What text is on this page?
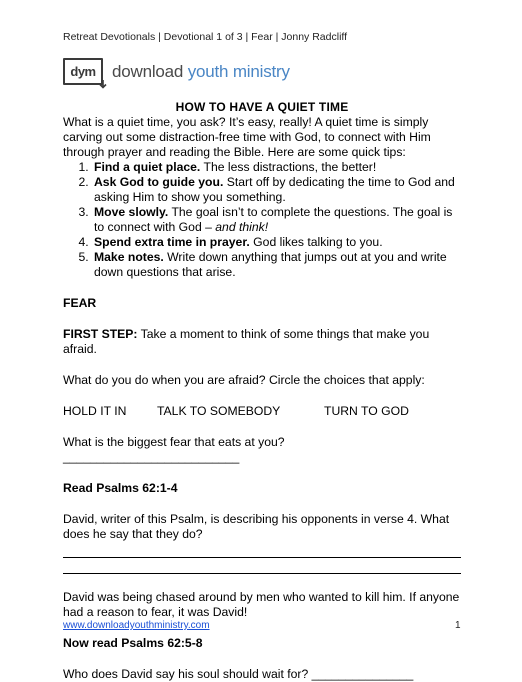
Retreat Devotionals | Devotional 1 of 3 | Fear | Jonny Radcliff
dym download youth ministry

HOW TO HAVE A QUIET TIME

What is a quiet time, you ask? It’s easy, really! A quiet time is simply carving out some distraction-free time with God, to connect with Him through prayer and reading the Bible. Here are some quick tips:

1. Find a quiet place. The less distractions, the better!
2. Ask God to guide you. Start off by dedicating the time to God and asking Him to show you something.
3. Move slowly. The goal isn’t to complete the questions. The goal is to connect with God – and think!
4. Spend extra time in prayer. God likes talking to you.
5. Make notes. Write down anything that jumps out at you and write down questions that arise.

FEAR

FIRST STEP: Take a moment to think of some things that make you afraid.

What do you do when you are afraid? Circle the choices that apply:

HOLD IT IN	TALK TO SOMEBODY	TURN TO GOD

What is the biggest fear that eats at you? __________________________

Read Psalms 62:1-4

David, writer of this Psalm, is describing his opponents in verse 4. What does he say that they do?

David was being chased around by men who wanted to kill him. If anyone had a reason to fear, it was David!

Now read Psalms 62:5-8

Who does David say his soul should wait for? _______________

www.downloadyouthministry.com	1
